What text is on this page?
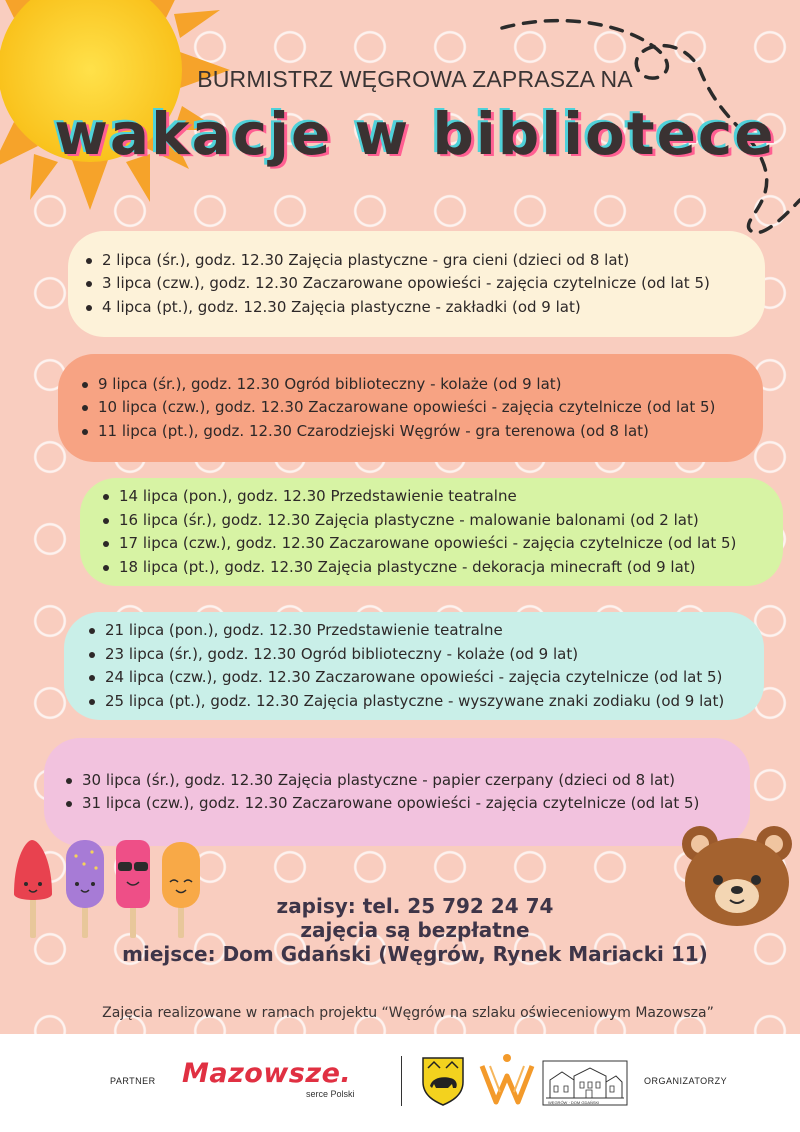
BURMISTRZ WĘGROWA ZAPRASZA NA
wakacje w bibliotece
2 lipca (śr.), godz. 12.30 Zajęcia plastyczne - gra cieni (dzieci od 8 lat)
3 lipca (czw.), godz. 12.30 Zaczarowane opowieści - zajęcia czytelnicze (od lat 5)
4 lipca (pt.), godz. 12.30 Zajęcia plastyczne - zakładki (od 9 lat)
9 lipca (śr.), godz. 12.30 Ogród biblioteczny - kolaże (od 9 lat)
10 lipca (czw.), godz. 12.30 Zaczarowane opowieści - zajęcia czytelnicze (od lat 5)
11 lipca (pt.), godz. 12.30 Czarodziejski Węgrów - gra terenowa (od 8 lat)
14 lipca (pon.), godz. 12.30 Przedstawienie teatralne
16 lipca (śr.), godz. 12.30 Zajęcia plastyczne - malowanie balonami (od 2 lat)
17 lipca (czw.), godz. 12.30 Zaczarowane opowieści - zajęcia czytelnicze (od lat 5)
18 lipca (pt.), godz. 12.30 Zajęcia plastyczne - dekoracja minecraft (od 9 lat)
21 lipca (pon.), godz. 12.30 Przedstawienie teatralne
23 lipca (śr.), godz. 12.30 Ogród biblioteczny - kolaże (od 9 lat)
24 lipca (czw.), godz. 12.30 Zaczarowane opowieści - zajęcia czytelnicze (od lat 5)
25 lipca (pt.), godz. 12.30 Zajęcia plastyczne - wyszywane znaki zodiaku (od 9 lat)
30 lipca (śr.), godz. 12.30 Zajęcia plastyczne - papier czerpany (dzieci od 8 lat)
31 lipca (czw.), godz. 12.30 Zaczarowane opowieści - zajęcia czytelnicze (od lat 5)
zapisy: tel. 25 792 24 74
zajęcia są bezpłatne
miejsce: Dom Gdański (Węgrów, Rynek Mariacki 11)
Zajęcia realizowane w ramach projektu “Węgrów na szlaku oświeceniowym Mazowsza”
PARTNER Mazowsze.
serce Polski
WĘGRÓW · DOM GDAŃSKI
ORGANIZATORZY
